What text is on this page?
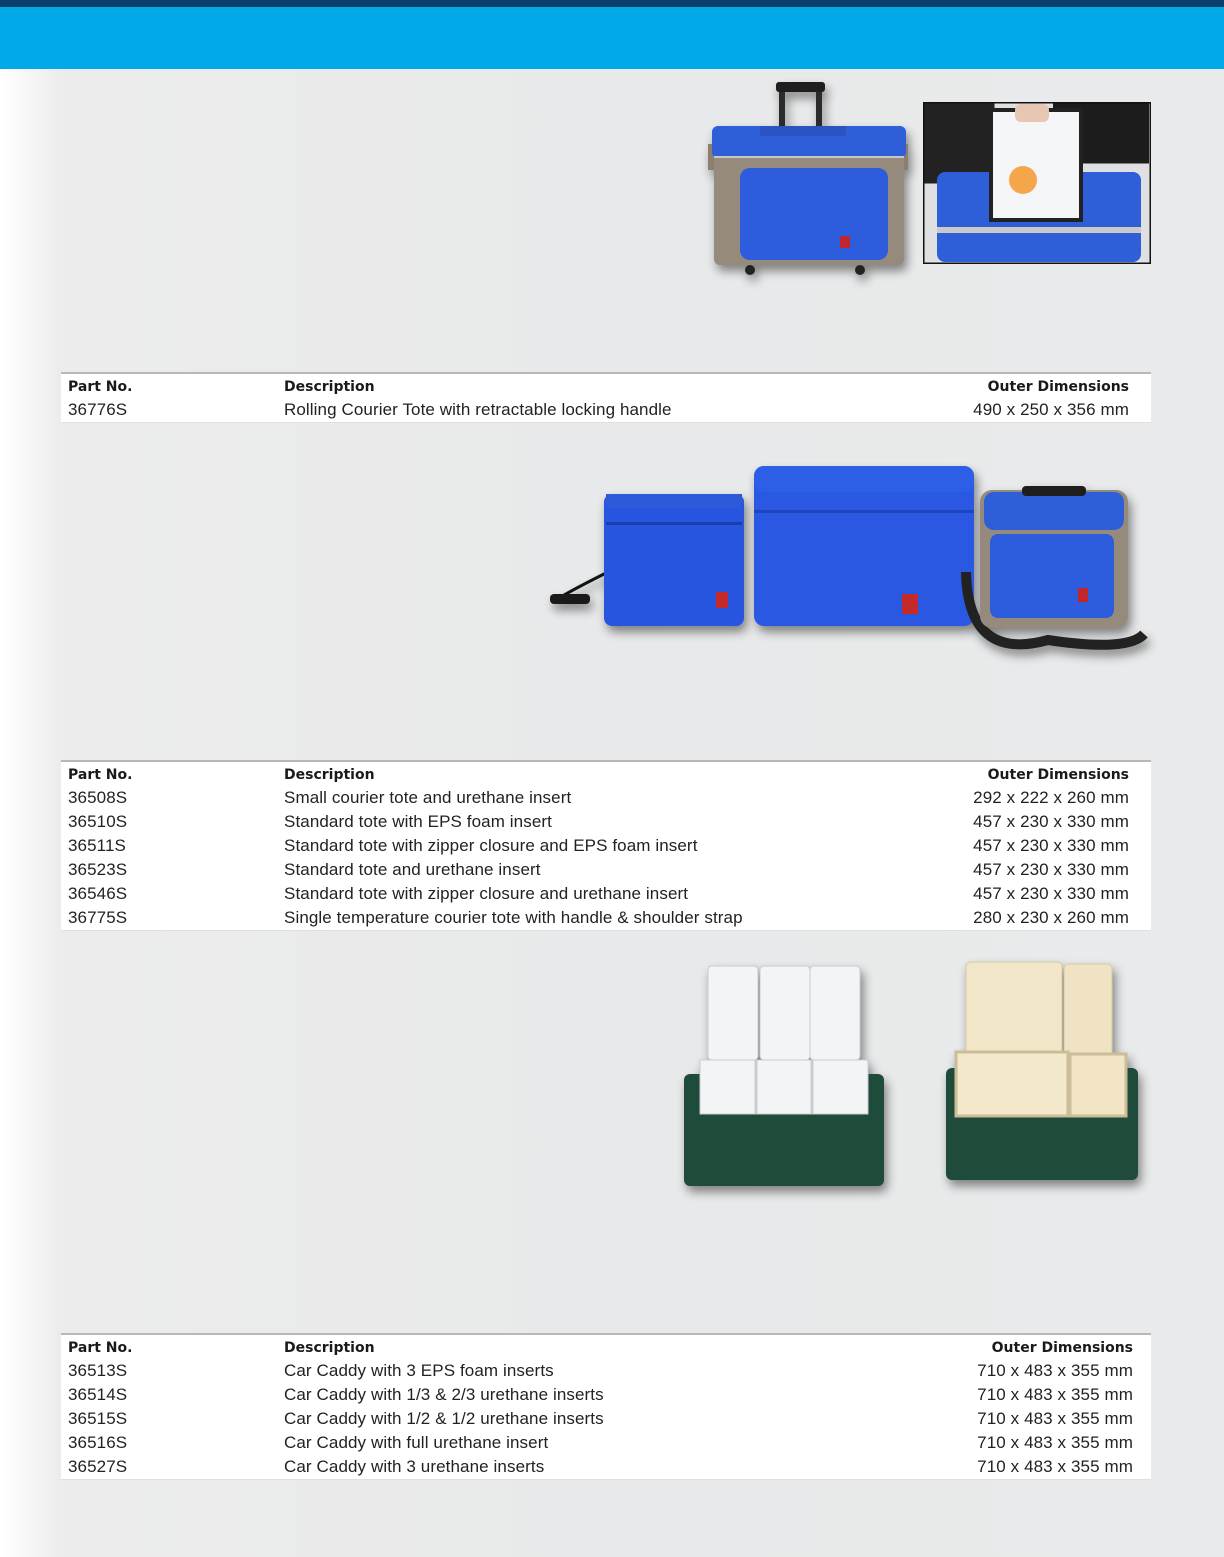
Part No.	Description	Outer Dimensions
36776S	Rolling Courier Tote with retractable locking handle	490 x 250 x 356 mm
Part No.	Description	Outer Dimensions
36508S	Small courier tote and urethane insert	292 x 222 x 260 mm
36510S	Standard tote with EPS foam insert	457 x 230 x 330 mm
36511S	Standard tote with zipper closure and EPS foam insert	457 x 230 x 330 mm
36523S	Standard tote and urethane insert	457 x 230 x 330 mm
36546S	Standard tote with zipper closure and urethane insert	457 x 230 x 330 mm
36775S	Single temperature courier tote with handle & shoulder strap	280 x 230 x 260 mm
Part No.	Description	Outer Dimensions
36513S	Car Caddy with 3 EPS foam inserts	710 x 483 x 355 mm
36514S	Car Caddy with 1/3 & 2/3 urethane inserts	710 x 483 x 355 mm
36515S	Car Caddy with 1/2 & 1/2 urethane inserts	710 x 483 x 355 mm
36516S	Car Caddy with full urethane insert	710 x 483 x 355 mm
36527S	Car Caddy with 3 urethane inserts	710 x 483 x 355 mm
